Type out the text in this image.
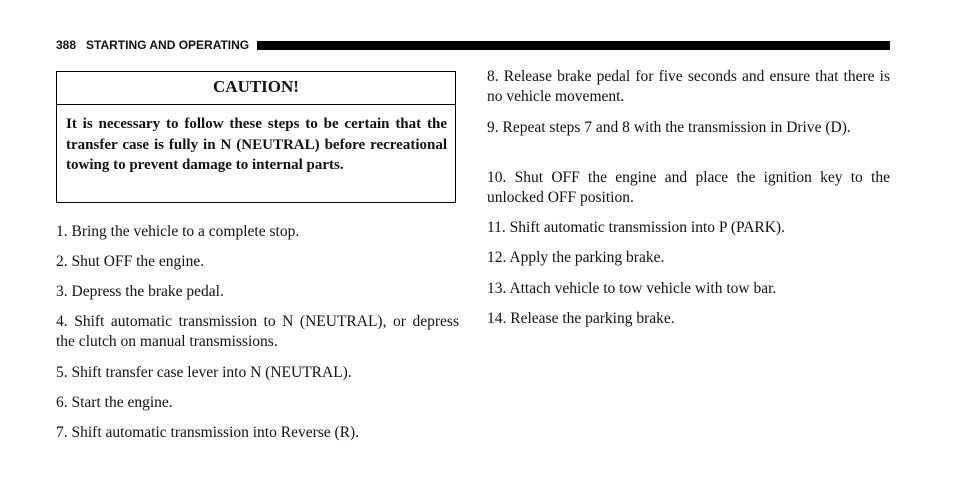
388 STARTING AND OPERATING
CAUTION!
It is necessary to follow these steps to be certain that the transfer case is fully in N (NEUTRAL) before recreational towing to prevent damage to internal parts.

1. Bring the vehicle to a complete stop.

2. Shut OFF the engine.

3. Depress the brake pedal.

4. Shift automatic transmission to N (NEUTRAL), or depress the clutch on manual transmissions.

5. Shift transfer case lever into N (NEUTRAL).

6. Start the engine.

7. Shift automatic transmission into Reverse (R).

8. Release brake pedal for five seconds and ensure that there is no vehicle movement.

9. Repeat steps 7 and 8 with the transmission in Drive (D).

10. Shut OFF the engine and place the ignition key to the unlocked OFF position.

11. Shift automatic transmission into P (PARK).

12. Apply the parking brake.

13. Attach vehicle to tow vehicle with tow bar.

14. Release the parking brake.
